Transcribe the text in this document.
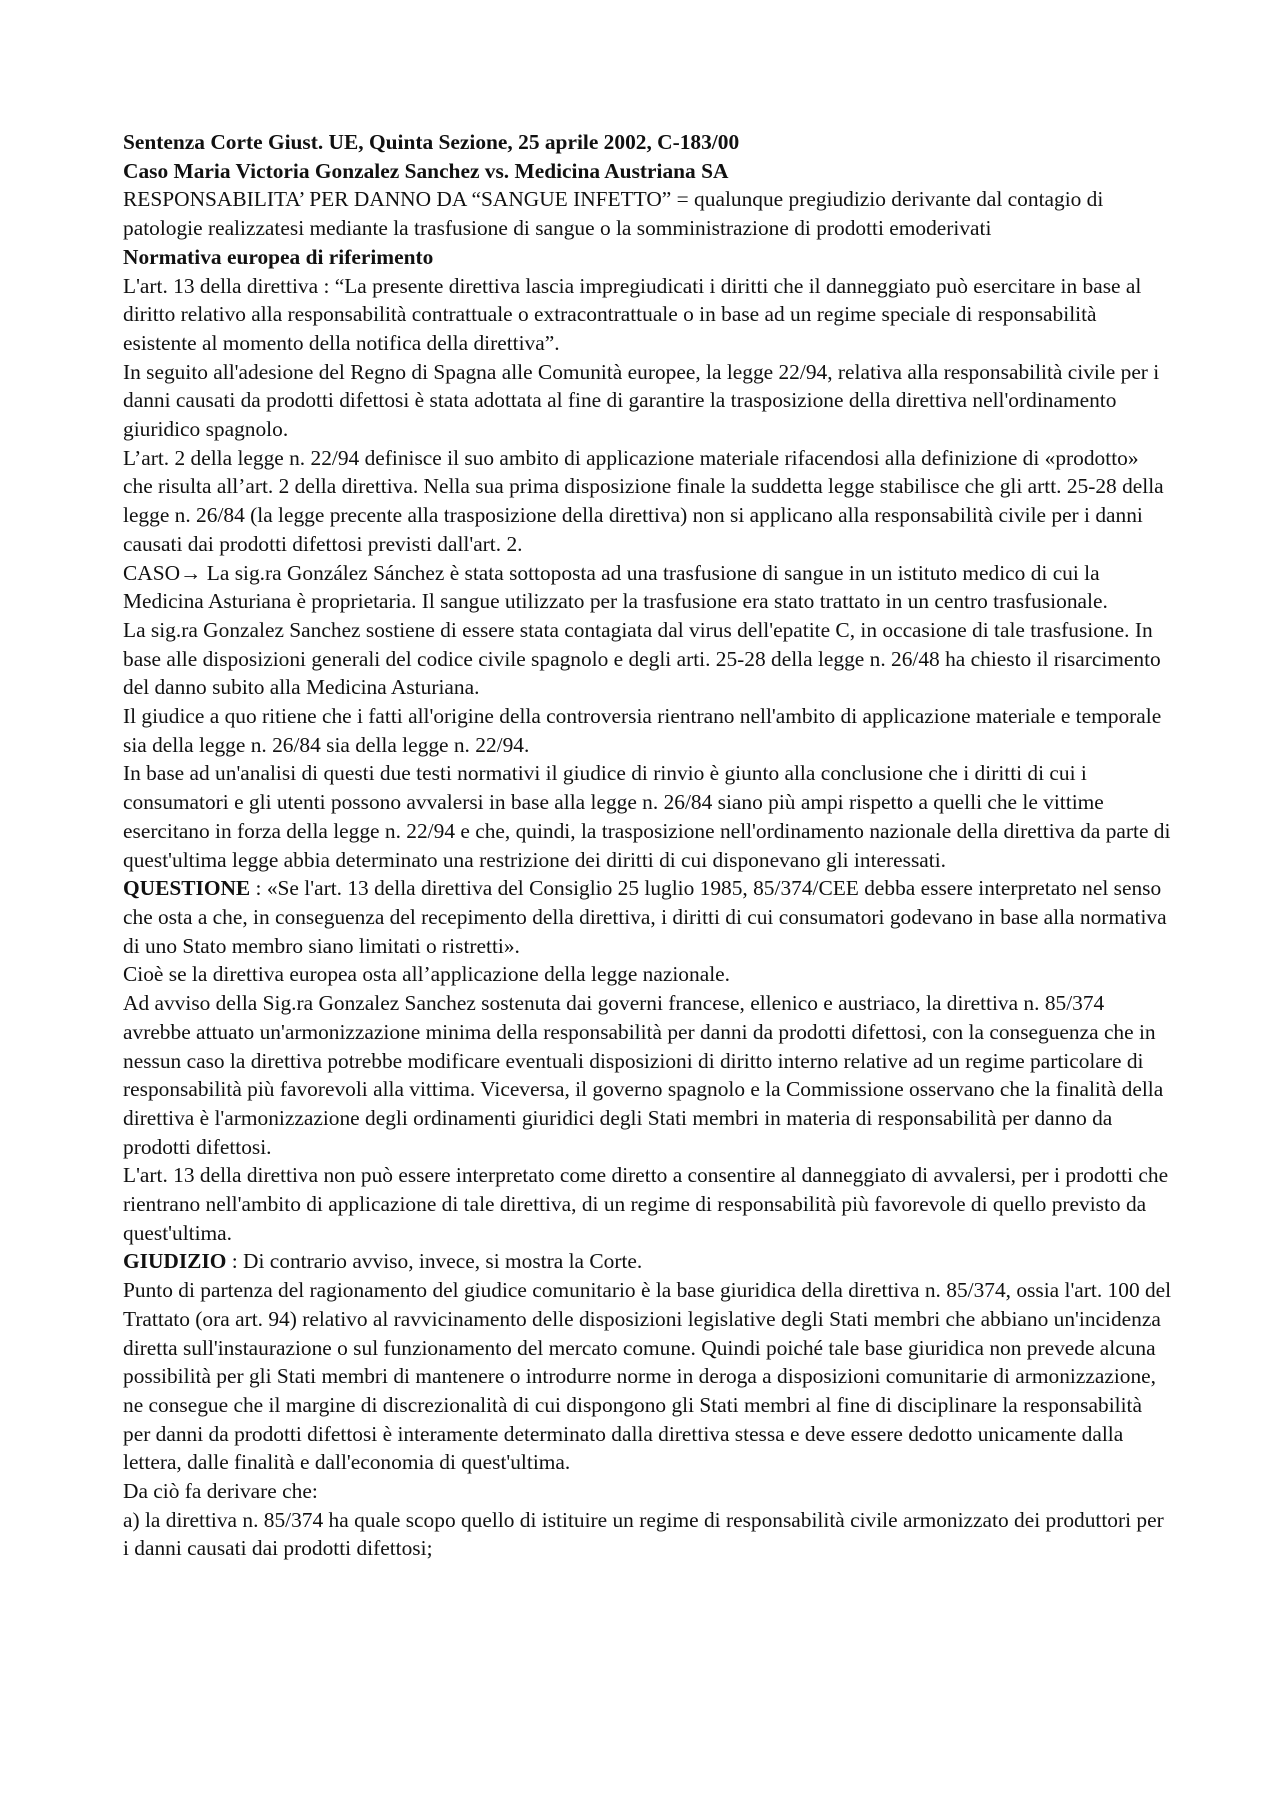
Sentenza Corte Giust. UE, Quinta Sezione, 25 aprile 2002, C-183/00

Caso Maria Victoria Gonzalez Sanchez vs. Medicina Austriana SA

RESPONSABILITA’ PER DANNO DA “SANGUE INFETTO” = qualunque pregiudizio derivante dal contagio di patologie realizzatesi mediante la trasfusione di sangue o la somministrazione di prodotti emoderivati

Normativa europea di riferimento

L'art. 13 della direttiva : “La presente direttiva lascia impregiudicati i diritti che il danneggiato può esercitare in base al diritto relativo alla responsabilità contrattuale o extracontrattuale o in base ad un regime speciale di responsabilità esistente al momento della notifica della direttiva”.

In seguito all'adesione del Regno di Spagna alle Comunità europee, la legge 22/94, relativa alla responsabilità civile per i danni causati da prodotti difettosi è stata adottata al fine di garantire la trasposizione della direttiva nell'ordinamento giuridico spagnolo.

L’art. 2 della legge n. 22/94 definisce il suo ambito di applicazione materiale rifacendosi alla definizione di «prodotto» che risulta all’art. 2 della direttiva. Nella sua prima disposizione finale la suddetta legge stabilisce che gli artt. 25-28 della legge n. 26/84 (la legge precente alla trasposizione della direttiva) non si applicano alla responsabilità civile per i danni causati dai prodotti difettosi previsti dall'art. 2.

CASO→ La sig.ra González Sánchez è stata sottoposta ad una trasfusione di sangue in un istituto medico di cui la Medicina Asturiana è proprietaria. Il sangue utilizzato per la trasfusione era stato trattato in un centro trasfusionale.

La sig.ra Gonzalez Sanchez sostiene di essere stata contagiata dal virus dell'epatite C, in occasione di tale trasfusione. In base alle disposizioni generali del codice civile spagnolo e degli arti. 25-28 della legge n. 26/48 ha chiesto il risarcimento del danno subito alla Medicina Asturiana.

Il giudice a quo ritiene che i fatti all'origine della controversia rientrano nell'ambito di applicazione materiale e temporale sia della legge n. 26/84 sia della legge n. 22/94.

In base ad un'analisi di questi due testi normativi il giudice di rinvio è giunto alla conclusione che i diritti di cui i consumatori e gli utenti possono avvalersi in base alla legge n. 26/84 siano più ampi rispetto a quelli che le vittime esercitano in forza della legge n. 22/94 e che, quindi, la trasposizione nell'ordinamento nazionale della direttiva da parte di quest'ultima legge abbia determinato una restrizione dei diritti di cui disponevano gli interessati.

QUESTIONE : «Se l'art. 13 della direttiva del Consiglio 25 luglio 1985, 85/374/CEE debba essere interpretato nel senso che osta a che, in conseguenza del recepimento della direttiva, i diritti di cui consumatori godevano in base alla normativa di uno Stato membro siano limitati o ristretti».

Cioè se la direttiva europea osta all’applicazione della legge nazionale.

Ad avviso della Sig.ra Gonzalez Sanchez sostenuta dai governi francese, ellenico e austriaco, la direttiva n. 85/374 avrebbe attuato un'armonizzazione minima della responsabilità per danni da prodotti difettosi, con la conseguenza che in nessun caso la direttiva potrebbe modificare eventuali disposizioni di diritto interno relative ad un regime particolare di responsabilità più favorevoli alla vittima. Viceversa, il governo spagnolo e la Commissione osservano che la finalità della direttiva è l'armonizzazione degli ordinamenti giuridici degli Stati membri in materia di responsabilità per danno da prodotti difettosi.

L'art. 13 della direttiva non può essere interpretato come diretto a consentire al danneggiato di avvalersi, per i prodotti che rientrano nell'ambito di applicazione di tale direttiva, di un regime di responsabilità più favorevole di quello previsto da quest'ultima.

GIUDIZIO : Di contrario avviso, invece, si mostra la Corte.

Punto di partenza del ragionamento del giudice comunitario è la base giuridica della direttiva n. 85/374, ossia l'art. 100 del Trattato (ora art. 94) relativo al ravvicinamento delle disposizioni legislative degli Stati membri che abbiano un'incidenza diretta sull'instaurazione o sul funzionamento del mercato comune. Quindi poiché tale base giuridica non prevede alcuna possibilità per gli Stati membri di mantenere o introdurre norme in deroga a disposizioni comunitarie di armonizzazione, ne consegue che il margine di discrezionalità di cui dispongono gli Stati membri al fine di disciplinare la responsabilità per danni da prodotti difettosi è interamente determinato dalla direttiva stessa e deve essere dedotto unicamente dalla lettera, dalle finalità e dall'economia di quest'ultima.

Da ciò fa derivare che:

a) la direttiva n. 85/374 ha quale scopo quello di istituire un regime di responsabilità civile armonizzato dei produttori per i danni causati dai prodotti difettosi;
